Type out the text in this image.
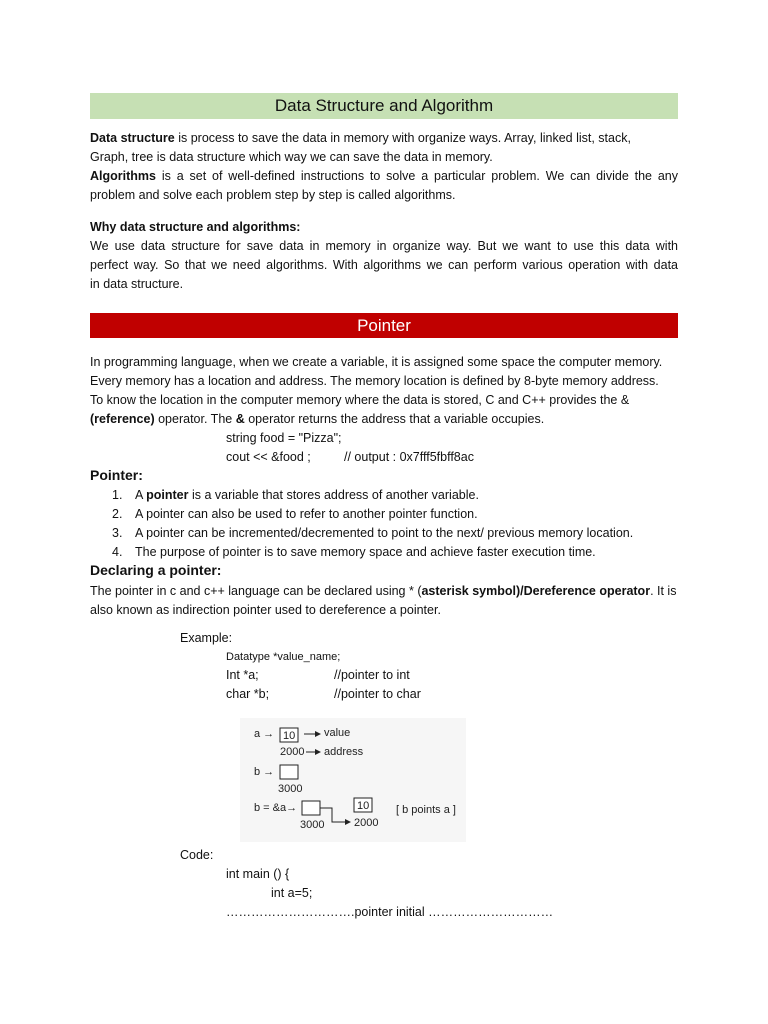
Data Structure and Algorithm
Data structure is process to save the data in memory with organize ways. Array, linked list, stack,
Graph, tree is data structure which way we can save the data in memory.
Algorithms is a set of well-defined instructions to solve a particular problem. We can divide the any
problem and solve each problem step by step is called algorithms.
Why data structure and algorithms:
We use data structure for save data in memory in organize way. But we want to use this data with
perfect way. So that we need algorithms. With algorithms we can perform various operation with data
in data structure.
Pointer
In programming language, when we create a variable, it is assigned some space the computer memory.
Every memory has a location and address. The memory location is defined by 8-byte memory address.
To know the location in the computer memory where the data is stored, C and C++ provides the &
(reference) operator. The & operator returns the address that a variable occupies.
string food = "Pizza";
cout << &food ;	// output : 0x7fff5fbff8ac
Pointer:
1. A pointer is a variable that stores address of another variable.
2. A pointer can also be used to refer to another pointer function.
3. A pointer can be incremented/decremented to point to the next/ previous memory location.
4. The purpose of pointer is to save memory space and achieve faster execution time.
Declaring a pointer:
The pointer in c and c++ language can be declared using * (asterisk symbol)/Dereference operator. It is
also known as indirection pointer used to dereference a pointer.
Example:
Datatype *value_name;
Int *a;	//pointer to int
char *b;	//pointer to char
a → 10	value
2000 address
b →
3000
b = &a→
3000
10
2000
[ b points a ]
Code:
int main () {
int a=5;
………………………….pointer initial …………………………
